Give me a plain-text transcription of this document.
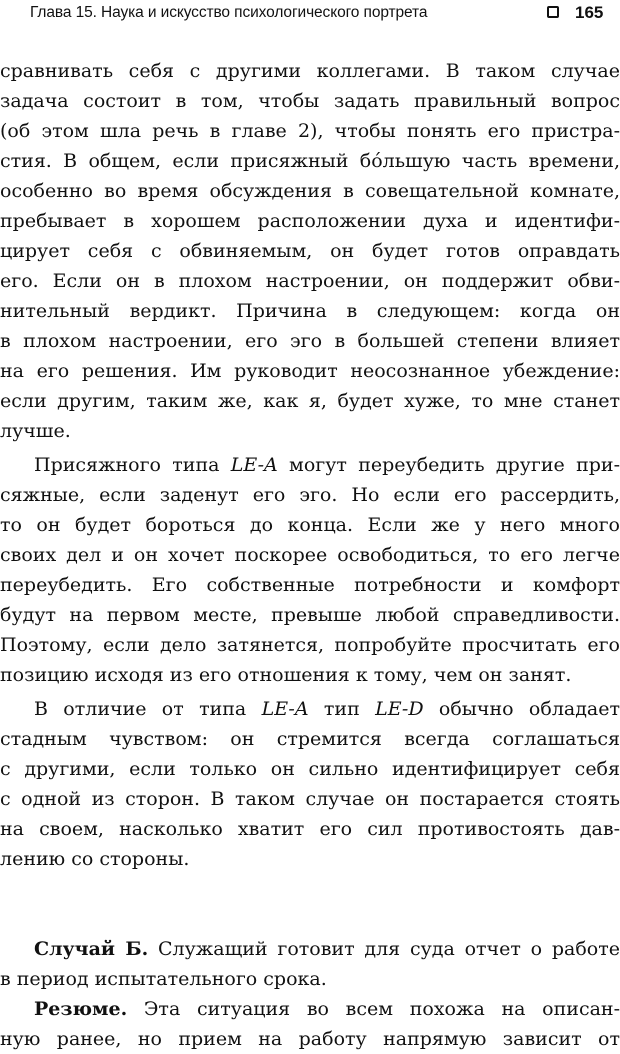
Глава 15. Наука и искусство психологического портрета	165
сравнивать себя с другими коллегами. В таком случае
задача состоит в том, чтобы задать правильный вопрос
(об этом шла речь в главе 2), чтобы понять его пристра-
стия. В общем, если присяжный бóльшую часть времени,
особенно во время обсуждения в совещательной комнате,
пребывает в хорошем расположении духа и идентифи-
цирует себя с обвиняемым, он будет готов оправдать
его. Если он в плохом настроении, он поддержит обви-
нительный вердикт. Причина в следующем: когда он
в плохом настроении, его эго в большей степени влияет
на его решения. Им руководит неосознанное убеждение:
если другим, таким же, как я, будет хуже, то мне станет
лучше.
Присяжного типа LE-A могут переубедить другие при-
сяжные, если заденут его эго. Но если его рассердить,
то он будет бороться до конца. Если же у него много
своих дел и он хочет поскорее освободиться, то его легче
переубедить. Его собственные потребности и комфорт
будут на первом месте, превыше любой справедливости.
Поэтому, если дело затянется, попробуйте просчитать его
позицию исходя из его отношения к тому, чем он занят.
В отличие от типа LE-A тип LE-D обычно обладает
стадным чувством: он стремится всегда соглашаться
с другими, если только он сильно идентифицирует себя
с одной из сторон. В таком случае он постарается стоять
на своем, насколько хватит его сил противостоять дав-
лению со стороны.
Случай Б. Служащий готовит для суда отчет о работе
в период испытательного срока.
Резюме. Эта ситуация во всем похожа на описан-
ную ранее, но прием на работу напрямую зависит от
